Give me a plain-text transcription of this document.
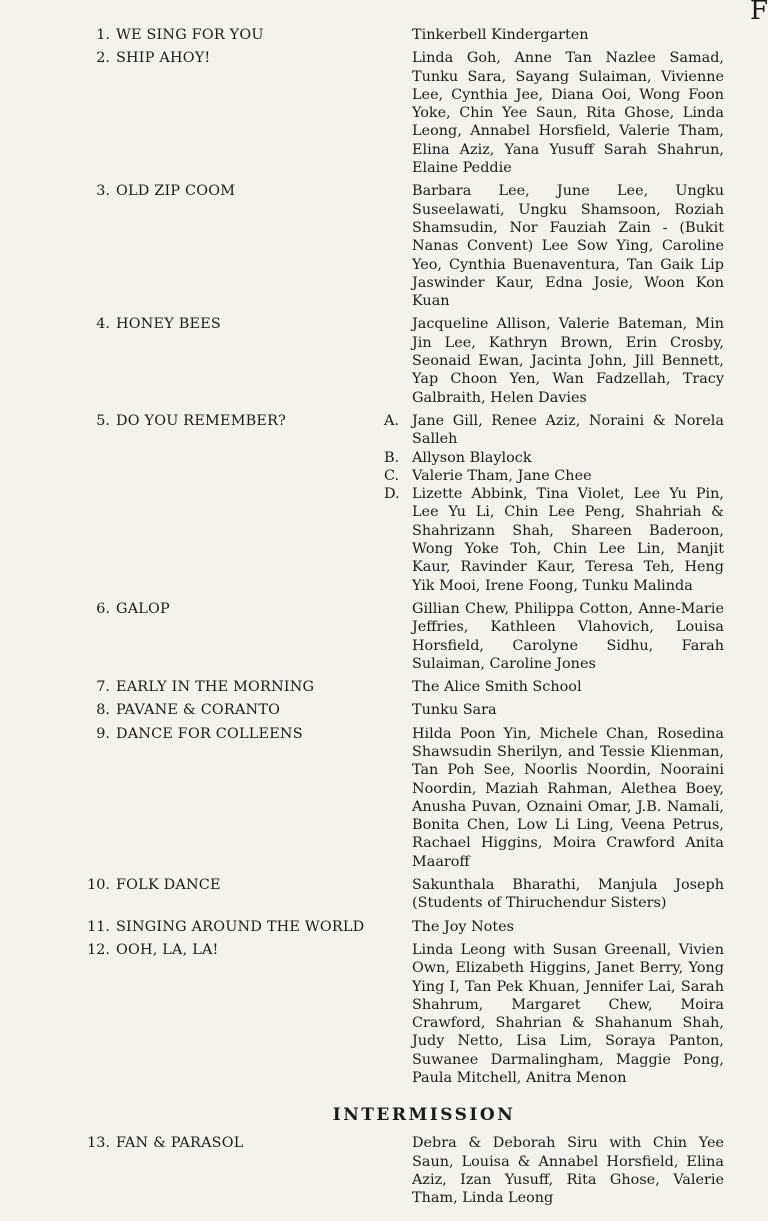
F
1. WE SING FOR YOU	Tinkerbell Kindergarten
2. SHIP AHOY!	Linda Goh, Anne Tan Nazlee Samad, Tunku Sara, Sayang Sulaiman, Vivienne Lee, Cynthia Jee, Diana Ooi, Wong Foon Yoke, Chin Yee Saun, Rita Ghose, Linda Leong, Annabel Horsfield, Valerie Tham, Elina Aziz, Yana Yusuff Sarah Shahrun, Elaine Peddie
3. OLD ZIP COOM	Barbara Lee, June Lee, Ungku Suseelawati, Ungku Shamsoon, Roziah Shamsudin, Nor Fauziah Zain - (Bukit Nanas Convent) Lee Sow Ying, Caroline Yeo, Cynthia Buenaventura, Tan Gaik Lip Jaswinder Kaur, Edna Josie, Woon Kon Kuan
4. HONEY BEES	Jacqueline Allison, Valerie Bateman, Min Jin Lee, Kathryn Brown, Erin Crosby, Seonaid Ewan, Jacinta John, Jill Bennett, Yap Choon Yen, Wan Fadzellah, Tracy Galbraith, Helen Davies
5. DO YOU REMEMBER?	A. Jane Gill, Renee Aziz, Noraini & Norela Salleh
B. Allyson Blaylock
C. Valerie Tham, Jane Chee
D. Lizette Abbink, Tina Violet, Lee Yu Pin, Lee Yu Li, Chin Lee Peng, Shahriah & Shahrizann Shah, Shareen Baderoon, Wong Yoke Toh, Chin Lee Lin, Manjit Kaur, Ravinder Kaur, Teresa Teh, Heng Yik Mooi, Irene Foong, Tunku Malinda
6. GALOP	Gillian Chew, Philippa Cotton, Anne-Marie Jeffries, Kathleen Vlahovich, Louisa Horsfield, Carolyne Sidhu, Farah Sulaiman, Caroline Jones
7. EARLY IN THE MORNING	The Alice Smith School
8. PAVANE & CORANTO	Tunku Sara
9. DANCE FOR COLLEENS	Hilda Poon Yin, Michele Chan, Rosedina Shawsudin Sherilyn, and Tessie Klienman, Tan Poh See, Noorlis Noordin, Nooraini Noordin, Maziah Rahman, Alethea Boey, Anusha Puvan, Oznaini Omar, J.B. Namali, Bonita Chen, Low Li Ling, Veena Petrus, Rachael Higgins, Moira Crawford Anita Maaroff
10. FOLK DANCE	Sakunthala Bharathi, Manjula Joseph (Students of Thiruchendur Sisters)
11. SINGING AROUND THE WORLD	The Joy Notes
12. OOH, LA, LA!	Linda Leong with Susan Greenall, Vivien Own, Elizabeth Higgins, Janet Berry, Yong Ying I, Tan Pek Khuan, Jennifer Lai, Sarah Shahrum, Margaret Chew, Moira Crawford, Shahrian & Shahanum Shah, Judy Netto, Lisa Lim, Soraya Panton, Suwanee Darmalingham, Maggie Pong, Paula Mitchell, Anitra Menon
INTERMISSION
13. FAN & PARASOL	Debra & Deborah Siru with Chin Yee Saun, Louisa & Annabel Horsfield, Elina Aziz, Izan Yusuff, Rita Ghose, Valerie Tham, Linda Leong
